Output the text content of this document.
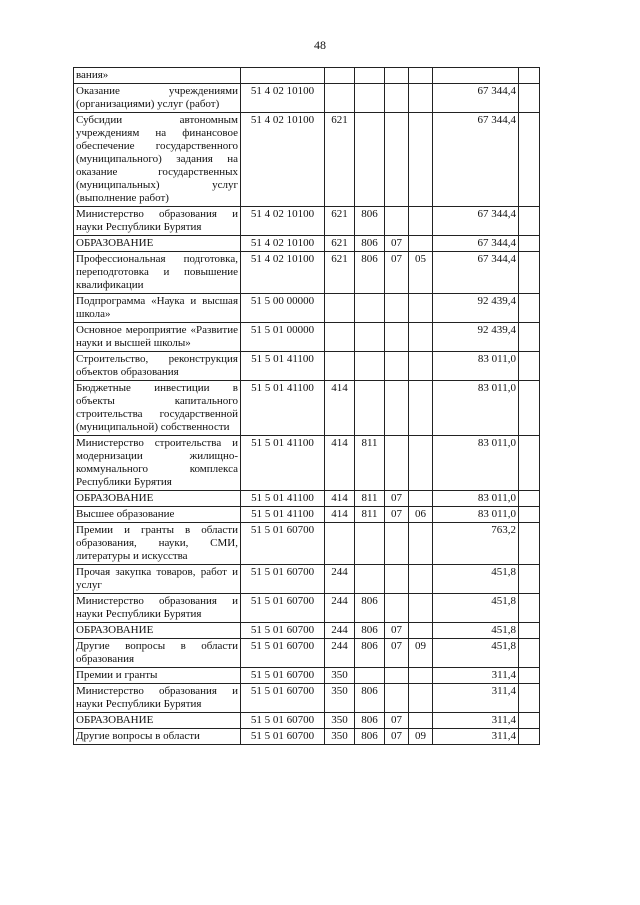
48
вания»							
Оказание учреждениями (организациями) услуг (работ)	51 4 02 10100					67 344,4	
Субсидии автономным учреждениям на финансовое обеспечение государственного (муниципального) задания на оказание государственных (муниципальных) услуг (выполнение работ)	51 4 02 10100	621				67 344,4	
Министерство образования и науки Республики Бурятия	51 4 02 10100	621	806			67 344,4	
ОБРАЗОВАНИЕ	51 4 02 10100	621	806	07		67 344,4	
Профессиональная подготовка, переподготовка и повышение квалификации	51 4 02 10100	621	806	07	05	67 344,4	
Подпрограмма «Наука и высшая школа»	51 5 00 00000					92 439,4	
Основное мероприятие «Развитие науки и высшей школы»	51 5 01 00000					92 439,4	
Строительство, реконструкция объектов образования	51 5 01 41100					83 011,0	
Бюджетные инвестиции в объекты капитального строительства государственной (муниципальной) собственности	51 5 01 41100	414				83 011,0	
Министерство строительства и модернизации жилищно-коммунального комплекса Республики Бурятия	51 5 01 41100	414	811			83 011,0	
ОБРАЗОВАНИЕ	51 5 01 41100	414	811	07		83 011,0	
Высшее образование	51 5 01 41100	414	811	07	06	83 011,0	
Премии и гранты в области образования, науки, СМИ, литературы и искусства	51 5 01 60700					763,2	
Прочая закупка товаров, работ и услуг	51 5 01 60700	244				451,8	
Министерство образования и науки Республики Бурятия	51 5 01 60700	244	806			451,8	
ОБРАЗОВАНИЕ	51 5 01 60700	244	806	07		451,8	
Другие вопросы в области образования	51 5 01 60700	244	806	07	09	451,8	
Премии и гранты	51 5 01 60700	350				311,4	
Министерство образования и науки Республики Бурятия	51 5 01 60700	350	806			311,4	
ОБРАЗОВАНИЕ	51 5 01 60700	350	806	07		311,4	
Другие вопросы в области	51 5 01 60700	350	806	07	09	311,4	
